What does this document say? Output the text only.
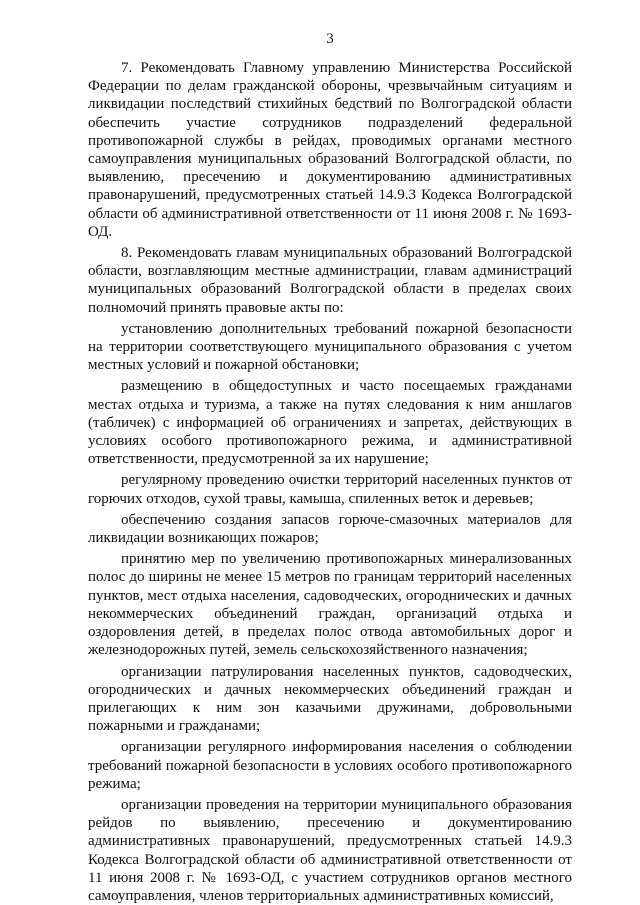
3

7. Рекомендовать Главному управлению Министерства Российской Федерации по делам гражданской обороны, чрезвычайным ситуациям и ликвидации последствий стихийных бедствий по Волгоградской области обеспечить участие сотрудников подразделений федеральной противопожарной службы в рейдах, проводимых органами местного самоуправления муниципальных образований Волгоградской области, по выявлению, пресечению и документированию административных правонарушений, предусмотренных статьей 14.9.3 Кодекса Волгоградской области об административной ответственности от 11 июня 2008 г. № 1693-ОД.

8. Рекомендовать главам муниципальных образований Волгоградской области, возглавляющим местные администрации, главам администраций муниципальных образований Волгоградской области в пределах своих полномочий принять правовые акты по:

установлению дополнительных требований пожарной безопасности на территории соответствующего муниципального образования с учетом местных условий и пожарной обстановки;

размещению в общедоступных и часто посещаемых гражданами местах отдыха и туризма, а также на путях следования к ним аншлагов (табличек) с информацией об ограничениях и запретах, действующих в условиях особого противопожарного режима, и административной ответственности, предусмотренной за их нарушение;

регулярному проведению очистки территорий населенных пунктов от горючих отходов, сухой травы, камыша, спиленных веток и деревьев;

обеспечению создания запасов горюче-смазочных материалов для ликвидации возникающих пожаров;

принятию мер по увеличению противопожарных минерализованных полос до ширины не менее 15 метров по границам территорий населенных пунктов, мест отдыха населения, садоводческих, огороднических и дачных некоммерческих объединений граждан, организаций отдыха и оздоровления детей, в пределах полос отвода автомобильных дорог и железнодорожных путей, земель сельскохозяйственного назначения;

организации патрулирования населенных пунктов, садоводческих, огороднических и дачных некоммерческих объединений граждан и прилегающих к ним зон казачьими дружинами, добровольными пожарными и гражданами;

организации регулярного информирования населения о соблюдении требований пожарной безопасности в условиях особого противопожарного режима;

организации проведения на территории муниципального образования рейдов по выявлению, пресечению и документированию административных правонарушений, предусмотренных статьей 14.9.3 Кодекса Волгоградской области об административной ответственности от 11 июня 2008 г. № 1693-ОД, с участием сотрудников органов местного самоуправления, членов территориальных административных комиссий,
